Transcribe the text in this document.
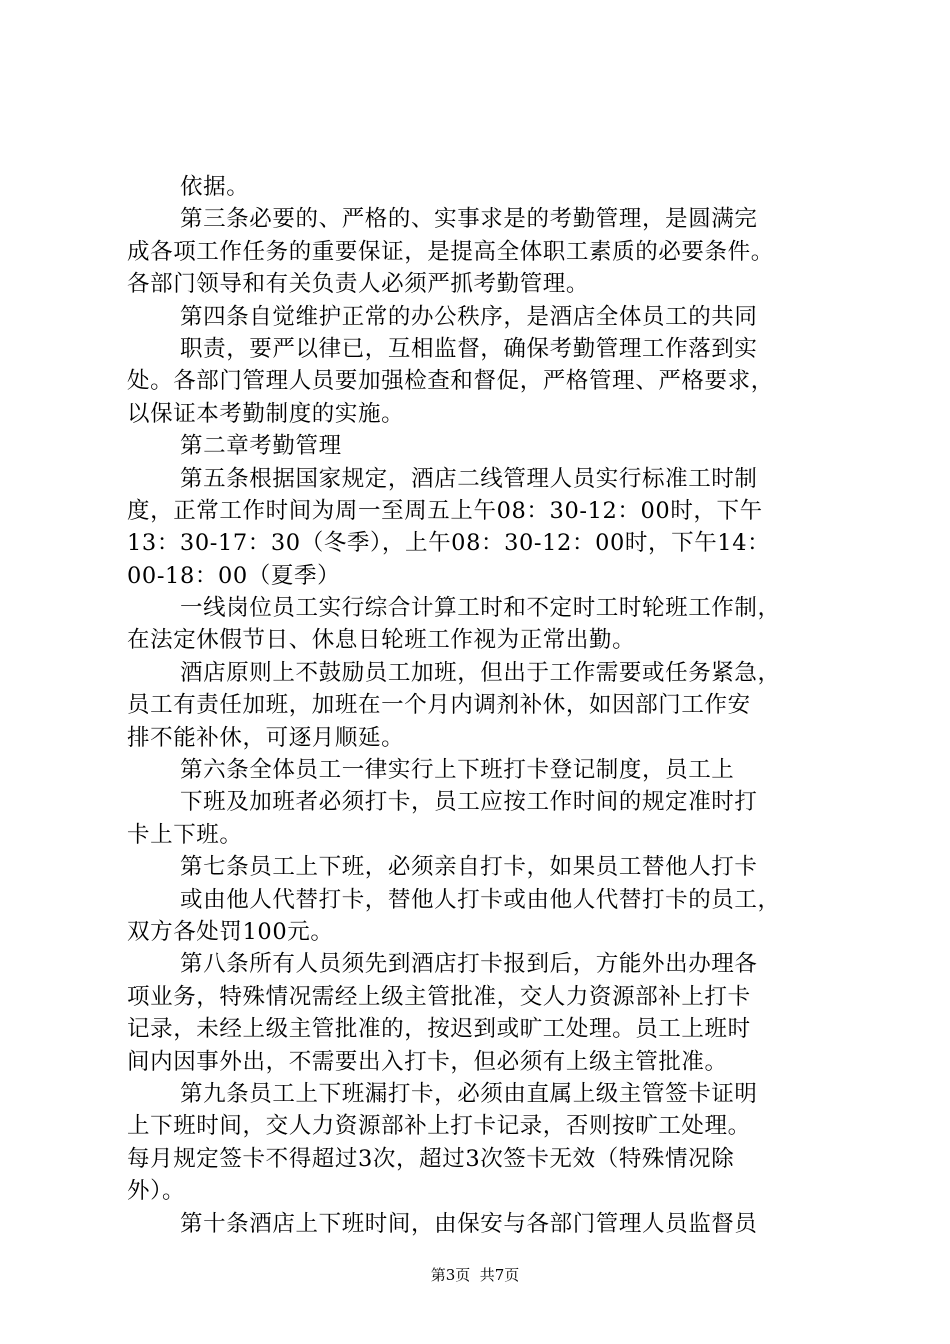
依据。
第三条必要的、严格的、实事求是的考勤管理，是圆满完
成各项工作任务的重要保证，是提高全体职工素质的必要条件。
各部门领导和有关负责人必须严抓考勤管理。
第四条自觉维护正常的办公秩序，是酒店全体员工的共同
职责，要严以律已，互相监督，确保考勤管理工作落到实
处。各部门管理人员要加强检查和督促，严格管理、严格要求，
以保证本考勤制度的实施。
第二章考勤管理
第五条根据国家规定，酒店二线管理人员实行标准工时制
度，正常工作时间为周一至周五上午08：30-12：00时，下午
13：30-17：30（冬季），上午08：30-12：00时，下午14：
00-18：00（夏季）
一线岗位员工实行综合计算工时和不定时工时轮班工作制，
在法定休假节日、休息日轮班工作视为正常出勤。
酒店原则上不鼓励员工加班，但出于工作需要或任务紧急，
员工有责任加班，加班在一个月内调剂补休，如因部门工作安
排不能补休，可逐月顺延。
第六条全体员工一律实行上下班打卡登记制度，员工上
下班及加班者必须打卡，员工应按工作时间的规定准时打
卡上下班。
第七条员工上下班，必须亲自打卡，如果员工替他人打卡
或由他人代替打卡，替他人打卡或由他人代替打卡的员工，
双方各处罚100元。
第八条所有人员须先到酒店打卡报到后，方能外出办理各
项业务，特殊情况需经上级主管批准，交人力资源部补上打卡
记录，未经上级主管批准的，按迟到或旷工处理。员工上班时
间内因事外出，不需要出入打卡，但必须有上级主管批准。
第九条员工上下班漏打卡，必须由直属上级主管签卡证明
上下班时间，交人力资源部补上打卡记录，否则按旷工处理。
每月规定签卡不得超过3次，超过3次签卡无效（特殊情况除
外）。
第十条酒店上下班时间，由保安与各部门管理人员监督员
第3页  共7页
